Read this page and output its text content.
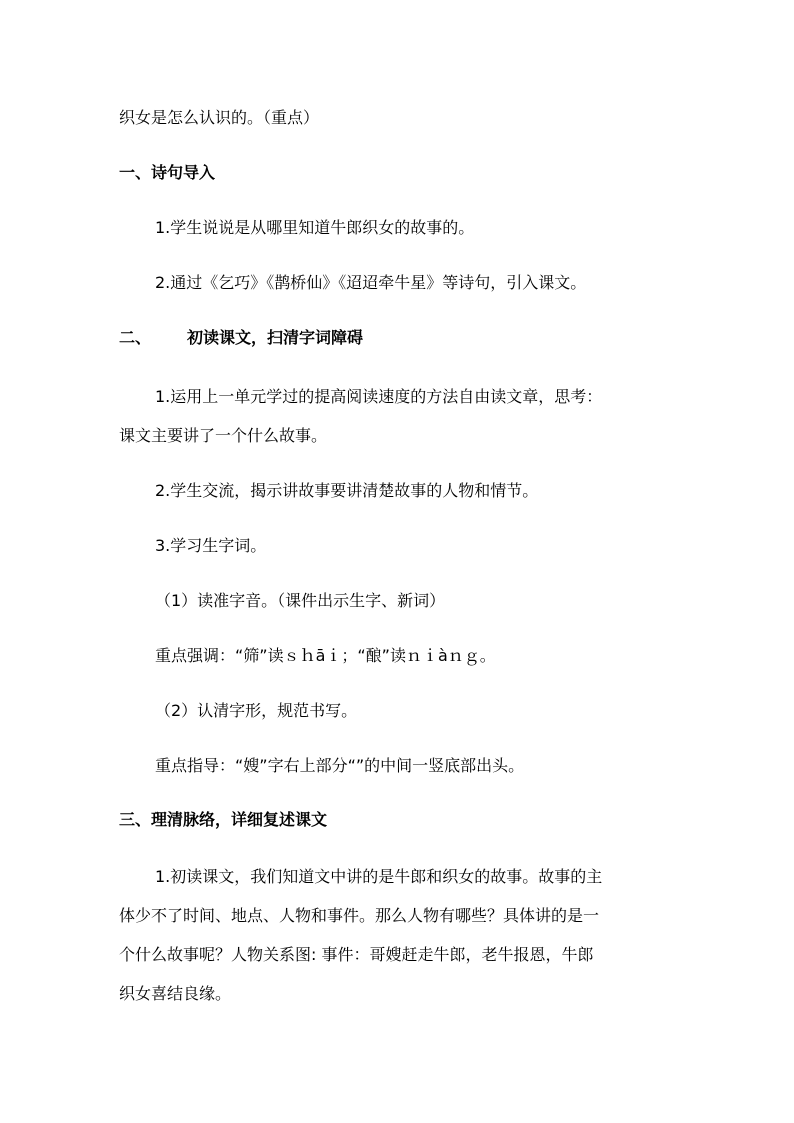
织女是怎么认识的。（重点）
一、诗句导入
1.学生说说是从哪里知道牛郎织女的故事的。
2.通过《乞巧》《鹊桥仙》《迢迢牵牛星》等诗句，引入课文。
二、 初读课文，扫清字词障碍
1.运用上一单元学过的提高阅读速度的方法自由读文章，思考：
课文主要讲了一个什么故事。
2.学生交流，揭示讲故事要讲清楚故事的人物和情节。
3.学习生字词。
（1）读准字音。（课件出示生字、新词）
重点强调：“筛”读ｓｈāｉ；“酿”读ｎｉàｎｇ。
（2）认清字形，规范书写。
重点指导：“嫂”字右上部分“”的中间一竖底部出头。
三、理清脉络，详细复述课文
1.初读课文，我们知道文中讲的是牛郎和织女的故事。故事的主
体少不了时间、地点、人物和事件。那么人物有哪些？具体讲的是一
个什么故事呢？人物关系图: 事件：哥嫂赶走牛郎，老牛报恩，牛郎
织女喜结良缘。
